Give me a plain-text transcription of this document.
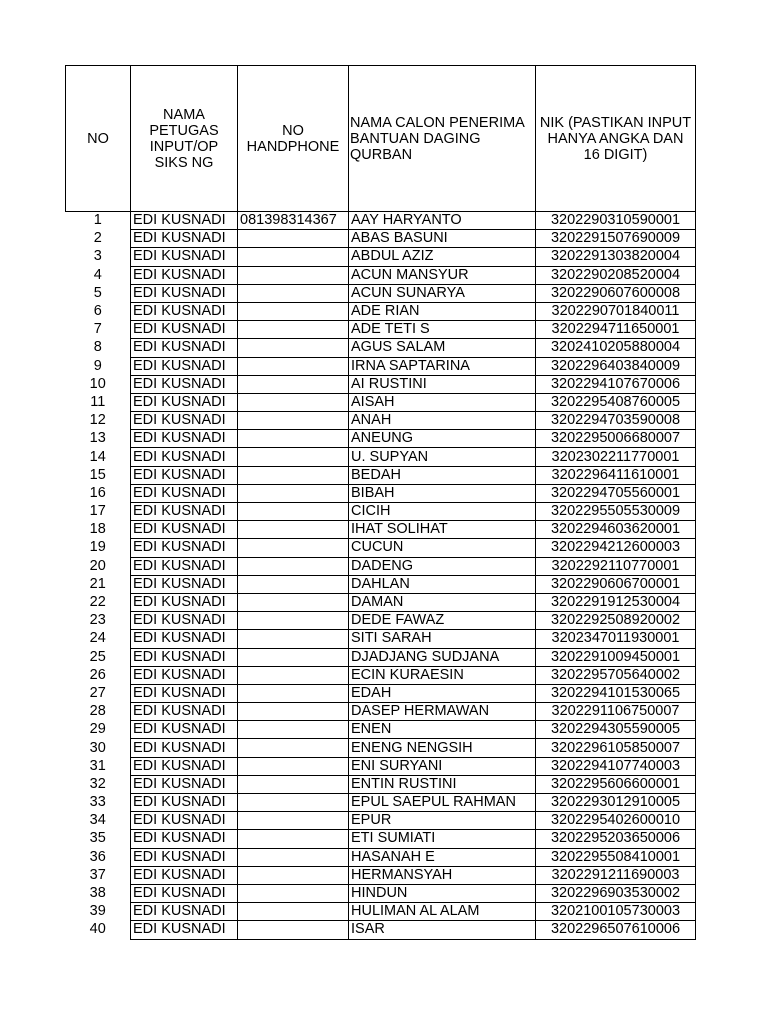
NO	NAMA PETUGAS INPUT/OP SIKS NG	NO HANDPHONE	NAMA CALON PENERIMA BANTUAN DAGING QURBAN	NIK (PASTIKAN INPUT HANYA ANGKA DAN 16 DIGIT)
1	EDI KUSNADI	081398314367	AAY HARYANTO	3202290310590001
2	EDI KUSNADI		ABAS BASUNI	3202291507690009
3	EDI KUSNADI		ABDUL AZIZ	3202291303820004
4	EDI KUSNADI		ACUN MANSYUR	3202290208520004
5	EDI KUSNADI		ACUN SUNARYA	3202290607600008
6	EDI KUSNADI		ADE RIAN	3202290701840011
7	EDI KUSNADI		ADE TETI S	3202294711650001
8	EDI KUSNADI		AGUS SALAM	3202410205880004
9	EDI KUSNADI		IRNA SAPTARINA	3202296403840009
10	EDI KUSNADI		AI RUSTINI	3202294107670006
11	EDI KUSNADI		AISAH	3202295408760005
12	EDI KUSNADI		ANAH	3202294703590008
13	EDI KUSNADI		ANEUNG	3202295006680007
14	EDI KUSNADI		U. SUPYAN	3202302211770001
15	EDI KUSNADI		BEDAH	3202296411610001
16	EDI KUSNADI		BIBAH	3202294705560001
17	EDI KUSNADI		CICIH	3202295505530009
18	EDI KUSNADI		IHAT SOLIHAT	3202294603620001
19	EDI KUSNADI		CUCUN	3202294212600003
20	EDI KUSNADI		DADENG	3202292110770001
21	EDI KUSNADI		DAHLAN	3202290606700001
22	EDI KUSNADI		DAMAN	3202291912530004
23	EDI KUSNADI		DEDE FAWAZ	3202292508920002
24	EDI KUSNADI		SITI SARAH	3202347011930001
25	EDI KUSNADI		DJADJANG SUDJANA	3202291009450001
26	EDI KUSNADI		ECIN KURAESIN	3202295705640002
27	EDI KUSNADI		EDAH	3202294101530065
28	EDI KUSNADI		DASEP HERMAWAN	3202291106750007
29	EDI KUSNADI		ENEN	3202294305590005
30	EDI KUSNADI		ENENG NENGSIH	3202296105850007
31	EDI KUSNADI		ENI SURYANI	3202294107740003
32	EDI KUSNADI		ENTIN RUSTINI	3202295606600001
33	EDI KUSNADI		EPUL SAEPUL RAHMAN	3202293012910005
34	EDI KUSNADI		EPUR	3202295402600010
35	EDI KUSNADI		ETI SUMIATI	3202295203650006
36	EDI KUSNADI		HASANAH E	3202295508410001
37	EDI KUSNADI		HERMANSYAH	3202291211690003
38	EDI KUSNADI		HINDUN	3202296903530002
39	EDI KUSNADI		HULIMAN AL ALAM	3202100105730003
40	EDI KUSNADI		ISAR	3202296507610006
